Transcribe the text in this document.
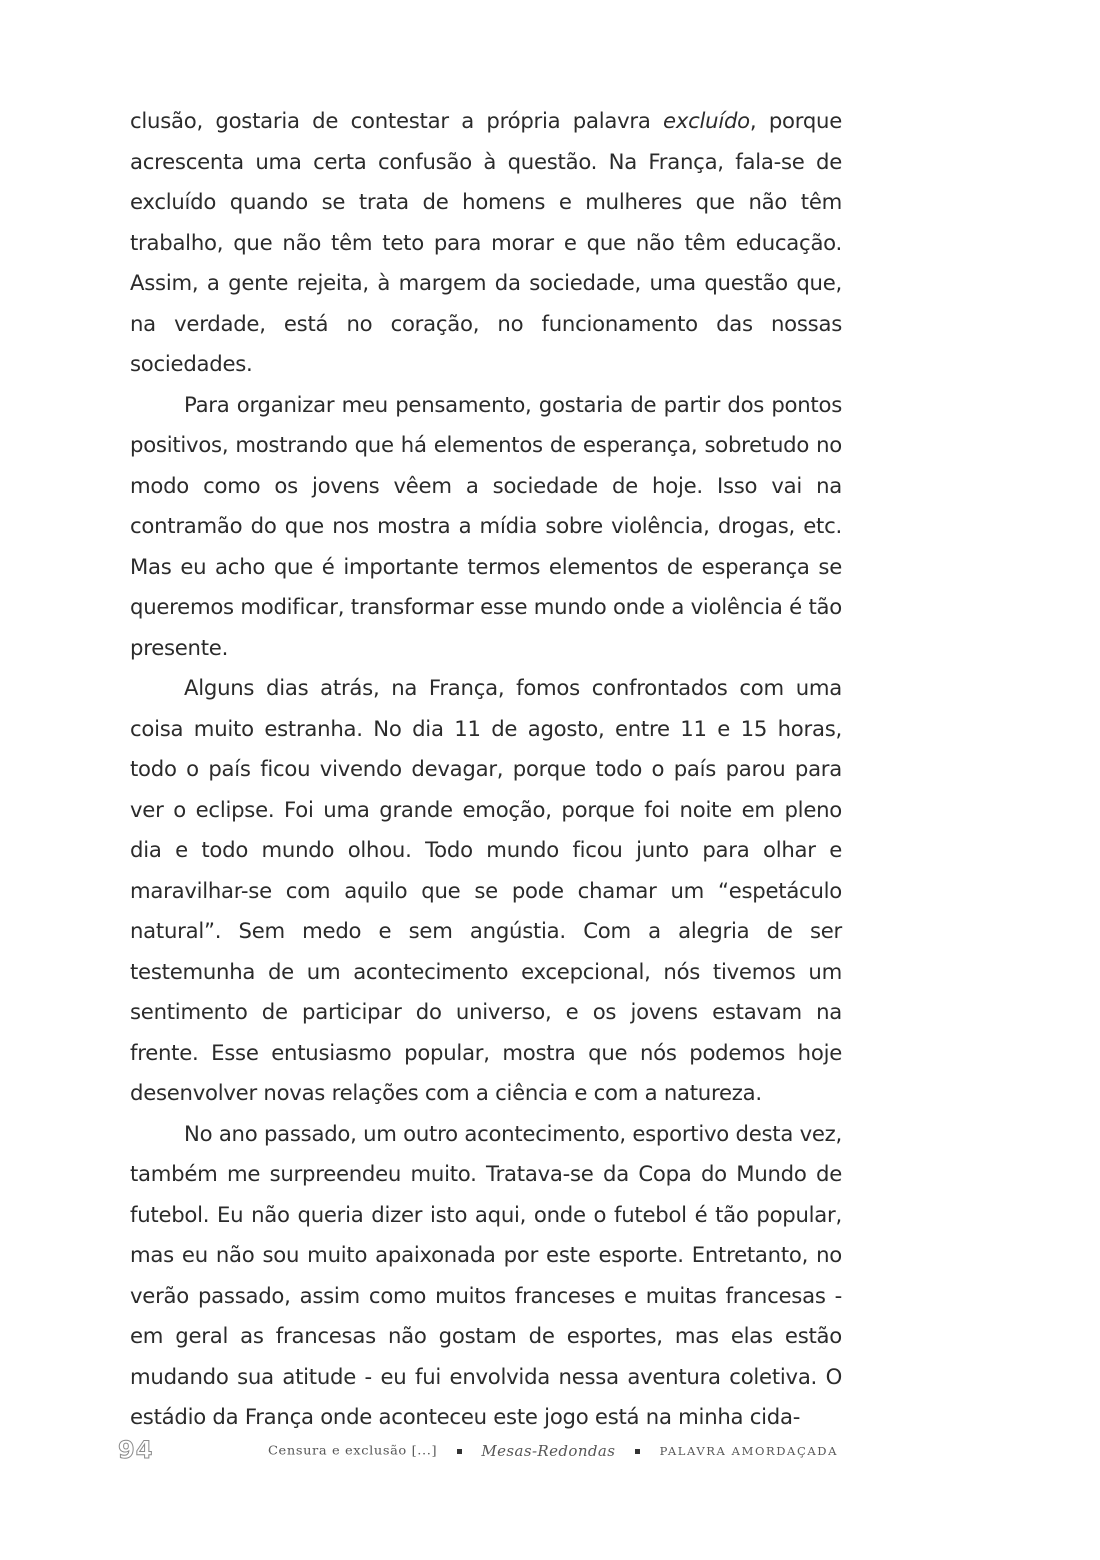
clusão, gostaria de contestar a própria palavra excluído, porque acrescenta uma certa confusão à questão. Na França, fala-se de excluído quando se trata de homens e mulheres que não têm trabalho, que não têm teto para morar e que não têm educação. Assim, a gente rejeita, à margem da sociedade, uma questão que, na verdade, está no coração, no funcionamento das nossas sociedades.

Para organizar meu pensamento, gostaria de partir dos pontos positivos, mostrando que há elementos de esperança, sobretudo no modo como os jovens vêem a sociedade de hoje. Isso vai na contramão do que nos mostra a mídia sobre violência, drogas, etc. Mas eu acho que é importante termos elementos de esperança se queremos modificar, transformar esse mundo onde a violência é tão presente.

Alguns dias atrás, na França, fomos confrontados com uma coisa muito estranha. No dia 11 de agosto, entre 11 e 15 horas, todo o país ficou vivendo devagar, porque todo o país parou para ver o eclipse. Foi uma grande emoção, porque foi noite em pleno dia e todo mundo olhou. Todo mundo ficou junto para olhar e maravilhar-se com aquilo que se pode chamar um “espetáculo natural”. Sem medo e sem angústia. Com a alegria de ser testemunha de um acontecimento excepcional, nós tivemos um sentimento de participar do universo, e os jovens estavam na frente. Esse entusiasmo popular, mostra que nós podemos hoje desenvolver novas relações com a ciência e com a natureza.

No ano passado, um outro acontecimento, esportivo desta vez, também me surpreendeu muito. Tratava-se da Copa do Mundo de futebol. Eu não queria dizer isto aqui, onde o futebol é tão popular, mas eu não sou muito apaixonada por este esporte. Entretanto, no verão passado, assim como muitos franceses e muitas francesas - em geral as francesas não gostam de esportes, mas elas estão mudando sua atitude - eu fui envolvida nessa aventura coletiva. O estádio da França onde aconteceu este jogo está na minha cida-

94	Censura e exclusão [...]	Mesas-Redondas	PALAVRA AMORDAÇADA
